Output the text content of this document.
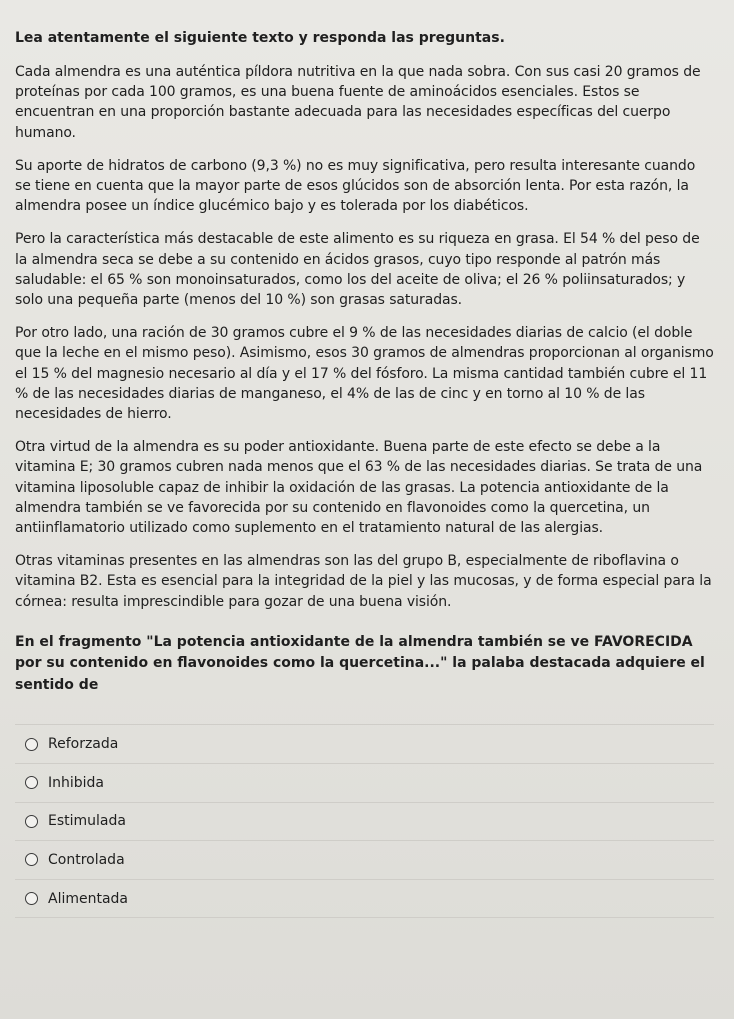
Lea atentamente el siguiente texto y responda las preguntas.

Cada almendra es una auténtica píldora nutritiva en la que nada sobra. Con sus casi 20 gramos de proteínas por cada 100 gramos, es una buena fuente de aminoácidos esenciales. Estos se encuentran en una proporción bastante adecuada para las necesidades específicas del cuerpo humano.

Su aporte de hidratos de carbono (9,3 %) no es muy significativa, pero resulta interesante cuando se tiene en cuenta que la mayor parte de esos glúcidos son de absorción lenta. Por esta razón, la almendra posee un índice glucémico bajo y es tolerada por los diabéticos.

Pero la característica más destacable de este alimento es su riqueza en grasa. El 54 % del peso de la almendra seca se debe a su contenido en ácidos grasos, cuyo tipo responde al patrón más saludable: el 65 % son monoinsaturados, como los del aceite de oliva; el 26 % poliinsaturados; y solo una pequeña parte (menos del 10 %) son grasas saturadas.

Por otro lado, una ración de 30 gramos cubre el 9 % de las necesidades diarias de calcio (el doble que la leche en el mismo peso). Asimismo, esos 30 gramos de almendras proporcionan al organismo el 15 % del magnesio necesario al día y el 17 % del fósforo. La misma cantidad también cubre el 11 % de las necesidades diarias de manganeso, el 4% de las de cinc y en torno al 10 % de las necesidades de hierro.

Otra virtud de la almendra es su poder antioxidante. Buena parte de este efecto se debe a la vitamina E; 30 gramos cubren nada menos que el 63 % de las necesidades diarias. Se trata de una vitamina liposoluble capaz de inhibir la oxidación de las grasas. La potencia antioxidante de la almendra también se ve favorecida por su contenido en flavonoides como la quercetina, un antiinflamatorio utilizado como suplemento en el tratamiento natural de las alergias.

Otras vitaminas presentes en las almendras son las del grupo B, especialmente de riboflavina o vitamina B2. Esta es esencial para la integridad de la piel y las mucosas, y de forma especial para la córnea: resulta imprescindible para gozar de una buena visión.

En el fragmento "La potencia antioxidante de la almendra también se ve FAVORECIDA por su contenido en flavonoides como la quercetina..." la palaba destacada adquiere el sentido de
Reforzada
Inhibida
Estimulada
Controlada
Alimentada
